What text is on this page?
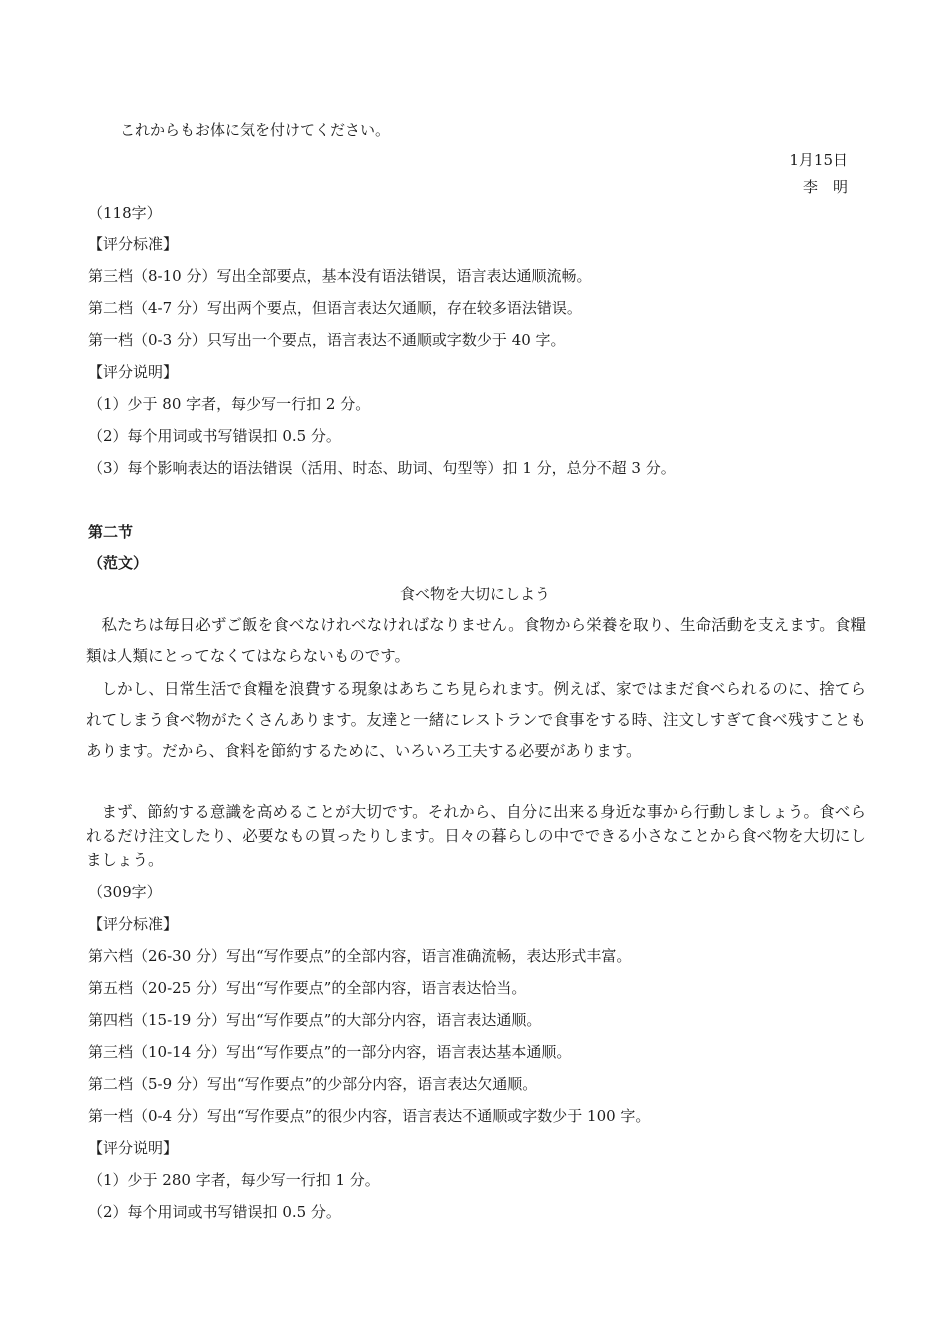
これからもお体に気を付けてください。
1月15日
李　明
（118字）
【评分标准】
第三档（8-10 分）写出全部要点，基本没有语法错误，语言表达通顺流畅。
第二档（4-7 分）写出两个要点，但语言表达欠通顺，存在较多语法错误。
第一档（0-3 分）只写出一个要点，语言表达不通顺或字数少于 40 字。
【评分说明】
（1）少于 80 字者，每少写一行扣 2 分。
（2）每个用词或书写错误扣 0.5 分。
（3）每个影响表达的语法错误（活用、时态、助词、句型等）扣 1 分，总分不超 3 分。
第二节
（范文）
食べ物を大切にしよう
私たちは毎日必ずご飯を食べなけれべなければなりません。食物から栄養を取り、生命活動を支えます。食糧類は人類にとってなくてはならないものです。
しかし、日常生活で食糧を浪費する現象はあちこち見られます。例えば、家ではまだ食べられるのに、捨てられてしまう食べ物がたくさんあります。友達と一緒にレストランで食事をする時、注文しすぎて食べ残すこともあります。だから、食料を節約するために、いろいろ工夫する必要があります。
まず、節約する意識を高めることが大切です。それから、自分に出来る身近な事から行動しましょう。食べられるだけ注文したり、必要なもの買ったりします。日々の暮らしの中でできる小さなことから食べ物を大切にしましょう。
（309字）
【评分标准】
第六档（26-30 分）写出“写作要点”的全部内容，语言准确流畅，表达形式丰富。
第五档（20-25 分）写出“写作要点”的全部内容，语言表达恰当。
第四档（15-19 分）写出“写作要点”的大部分内容，语言表达通顺。
第三档（10-14 分）写出“写作要点”的一部分内容，语言表达基本通顺。
第二档（5-9 分）写出“写作要点”的少部分内容，语言表达欠通顺。
第一档（0-4 分）写出“写作要点”的很少内容，语言表达不通顺或字数少于 100 字。
【评分说明】
（1）少于 280 字者，每少写一行扣 1 分。
（2）每个用词或书写错误扣 0.5 分。
